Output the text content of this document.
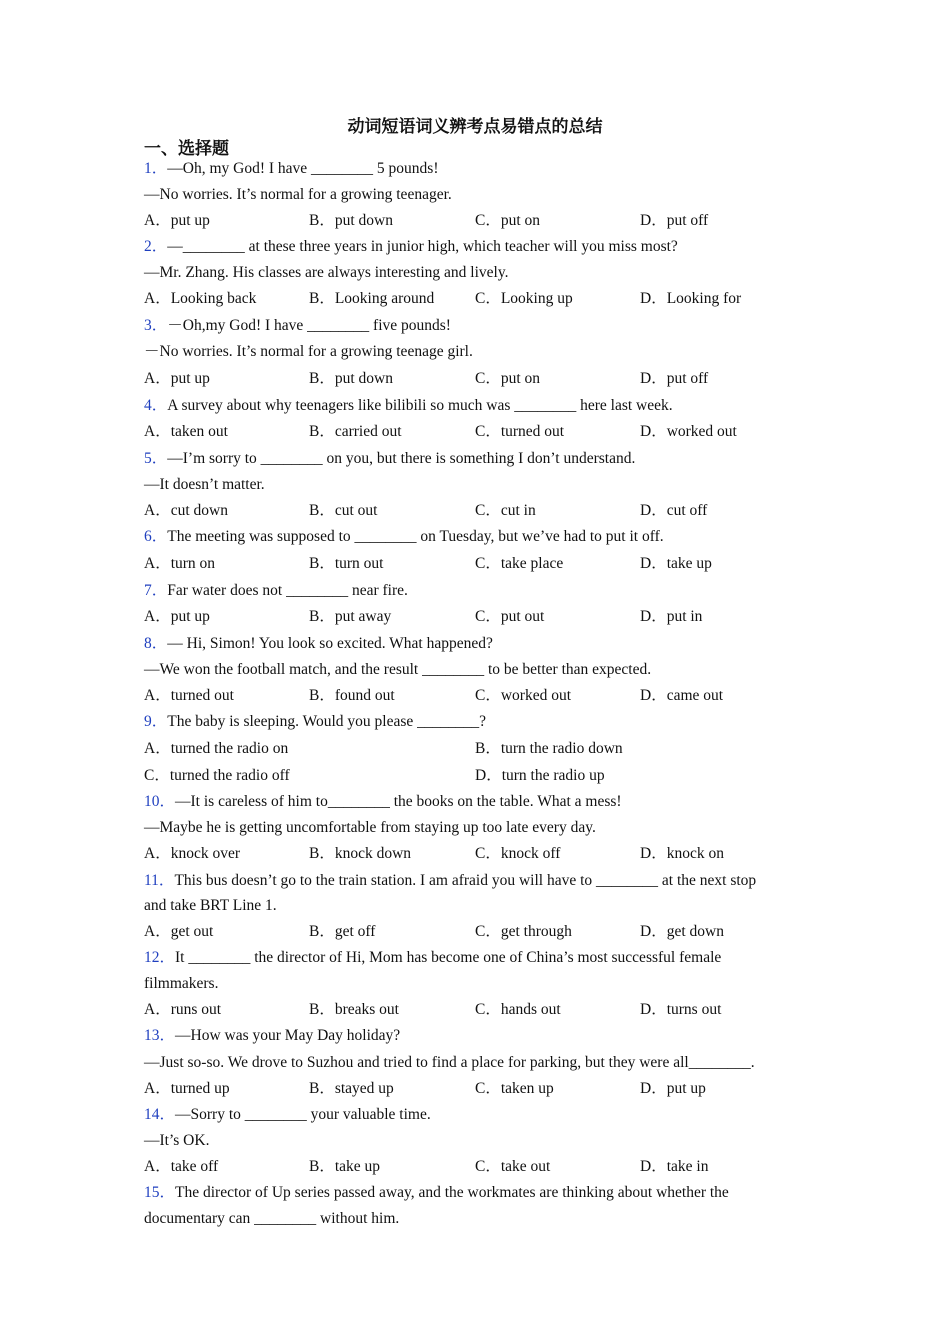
动词短语词义辨考点易错点的总结
一、选择题
1．—Oh, my God! I have ________ 5 pounds!
—No worries. It’s normal for a growing teenager.
A．put up	B．put down	C．put on	D．put off
2．—________ at these three years in junior high, which teacher will you miss most?
—Mr. Zhang. His classes are always interesting and lively.
A．Looking back	B．Looking around	C．Looking up	D．Looking for
3．－Oh,my God! I have ________ five pounds!
－No worries. It’s normal for a growing teenage girl.
A．put up	B．put down	C．put on	D．put off
4．A survey about why teenagers like bilibili so much was ________ here last week.
A．taken out	B．carried out	C．turned out	D．worked out
5．—I’m sorry to ________ on you, but there is something I don’t understand.
—It doesn’t matter.
A．cut down	B．cut out	C．cut in	D．cut off
6．The meeting was supposed to ________ on Tuesday, but we’ve had to put it off.
A．turn on	B．turn out	C．take place	D．take up
7．Far water does not ________ near fire.
A．put up	B．put away	C．put out	D．put in
8．— Hi, Simon! You look so excited. What happened?
—We won the football match, and the result ________ to be better than expected.
A．turned out	B．found out	C．worked out	D．came out
9．The baby is sleeping. Would you please ________?
A．turned the radio on	B．turn the radio down
C．turned the radio off	D．turn the radio up
10．—It is careless of him to________ the books on the table. What a mess!
—Maybe he is getting uncomfortable from staying up too late every day.
A．knock over	B．knock down	C．knock off	D．knock on
11．This bus doesn’t go to the train station. I am afraid you will have to ________ at the next stop
and take BRT Line 1.
A．get out	B．get off	C．get through	D．get down
12．It ________ the director of Hi, Mom has become one of China’s most successful female
filmmakers.
A．runs out	B．breaks out	C．hands out	D．turns out
13．—How was your May Day holiday?
—Just so-so. We drove to Suzhou and tried to find a place for parking, but they were all________.
A．turned up	B．stayed up	C．taken up	D．put up
14．—Sorry to ________ your valuable time.
—It’s OK.
A．take off	B．take up	C．take out	D．take in
15．The director of Up series passed away, and the workmates are thinking about whether the
documentary can ________ without him.
